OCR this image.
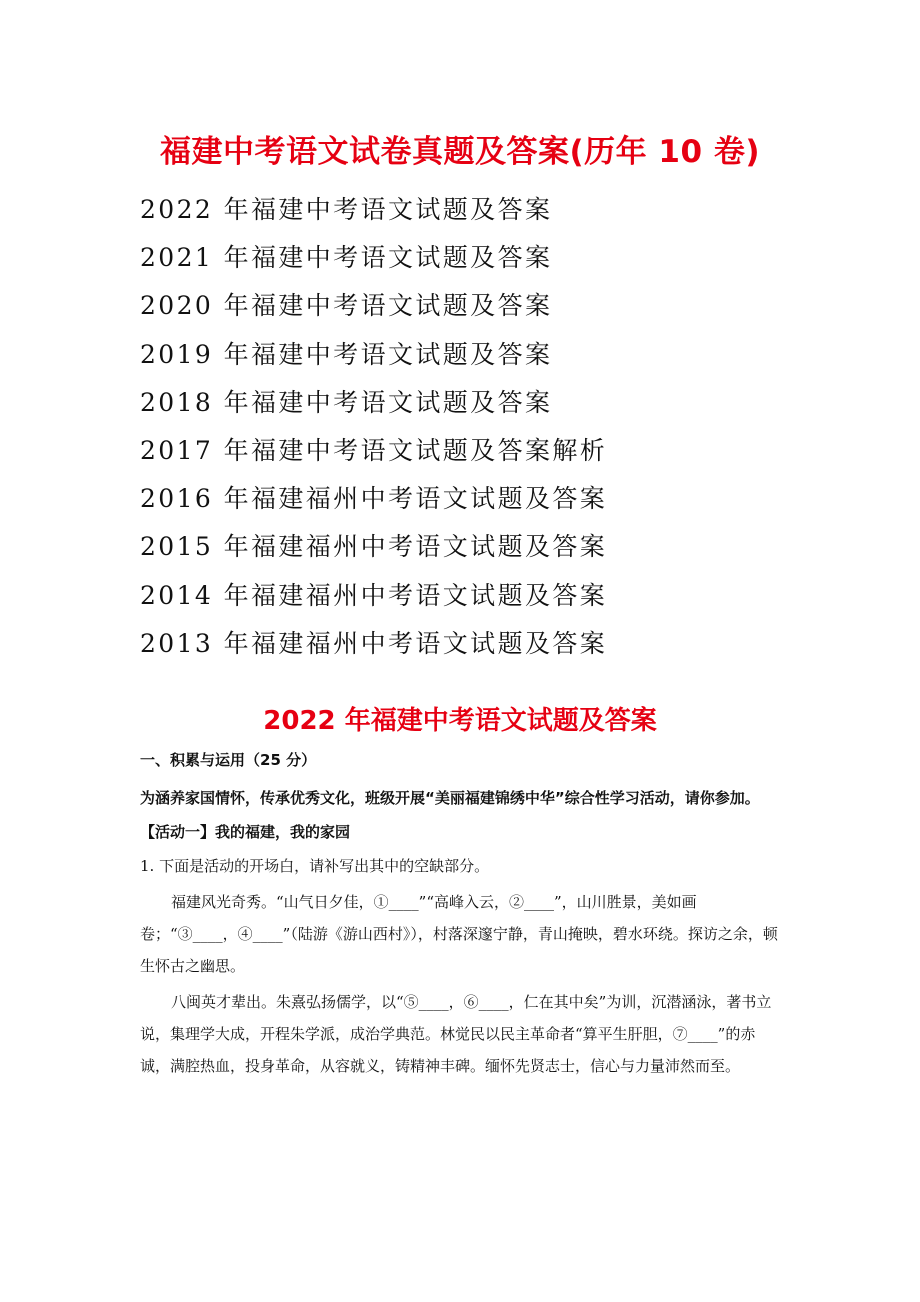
福建中考语文试卷真题及答案(历年 10 卷)
2022 年福建中考语文试题及答案
2021 年福建中考语文试题及答案
2020 年福建中考语文试题及答案
2019 年福建中考语文试题及答案
2018 年福建中考语文试题及答案
2017 年福建中考语文试题及答案解析
2016 年福建福州中考语文试题及答案
2015 年福建福州中考语文试题及答案
2014 年福建福州中考语文试题及答案
2013 年福建福州中考语文试题及答案
2022 年福建中考语文试题及答案

一、积累与运用（25 分）

为涵养家国情怀，传承优秀文化，班级开展“美丽福建锦绣中华”综合性学习活动，请你参加。

【活动一】我的福建，我的家园

1. 下面是活动的开场白，请补写出其中的空缺部分。

福建风光奇秀。“山气日夕佳，①____”“高峰入云，②____”，山川胜景，美如画卷；“③____，④____”（陆游《游山西村》），村落深邃宁静，青山掩映，碧水环绕。探访之余，顿生怀古之幽思。

八闽英才辈出。朱熹弘扬儒学，以“⑤____，⑥____，仁在其中矣”为训，沉潜涵泳，著书立说，集理学大成，开程朱学派，成治学典范。林觉民以民主革命者“算平生肝胆，⑦____”的赤诚，满腔热血，投身革命，从容就义，铸精神丰碑。缅怀先贤志士，信心与力量沛然而至。
